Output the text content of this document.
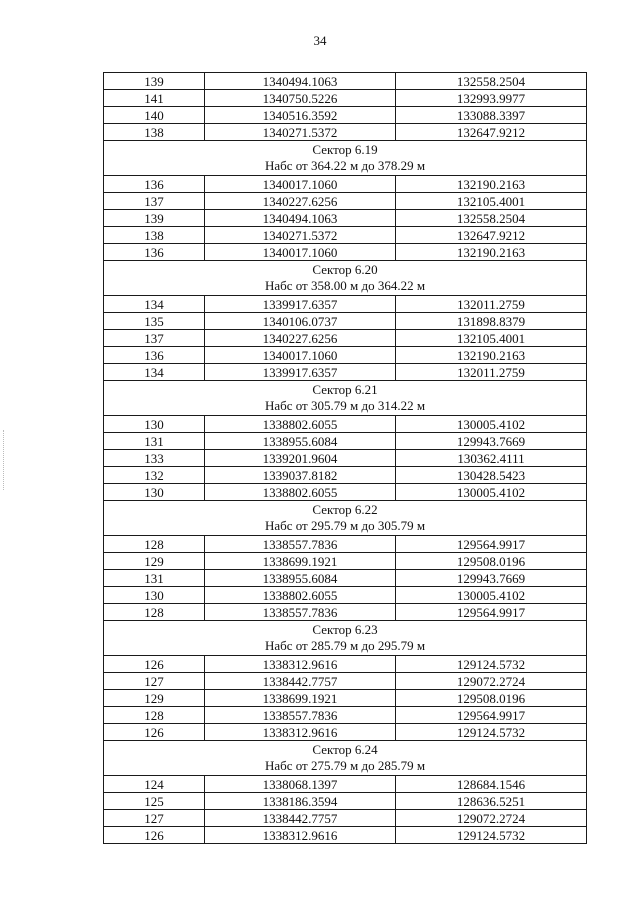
34
139	1340494.1063	132558.2504
141	1340750.5226	132993.9977
140	1340516.3592	133088.3397
138	1340271.5372	132647.9212

Сектор 6.19
Набс от 364.22 м до 378.29 м		

136	1340017.1060	132190.2163
137	1340227.6256	132105.4001
139	1340494.1063	132558.2504
138	1340271.5372	132647.9212
136	1340017.1060	132190.2163

Сектор 6.20
Набс от 358.00 м до 364.22 м		

134	1339917.6357	132011.2759
135	1340106.0737	131898.8379
137	1340227.6256	132105.4001
136	1340017.1060	132190.2163
134	1339917.6357	132011.2759

Сектор 6.21
Набс от 305.79 м до 314.22 м		

130	1338802.6055	130005.4102
131	1338955.6084	129943.7669
133	1339201.9604	130362.4111
132	1339037.8182	130428.5423
130	1338802.6055	130005.4102

Сектор 6.22
Набс от 295.79 м до 305.79 м		

128	1338557.7836	129564.9917
129	1338699.1921	129508.0196
131	1338955.6084	129943.7669
130	1338802.6055	130005.4102
128	1338557.7836	129564.9917

Сектор 6.23
Набс от 285.79 м до 295.79 м		

126	1338312.9616	129124.5732
127	1338442.7757	129072.2724
129	1338699.1921	129508.0196
128	1338557.7836	129564.9917
126	1338312.9616	129124.5732

Сектор 6.24
Набс от 275.79 м до 285.79 м		

124	1338068.1397	128684.1546
125	1338186.3594	128636.5251
127	1338442.7757	129072.2724
126	1338312.9616	129124.5732
